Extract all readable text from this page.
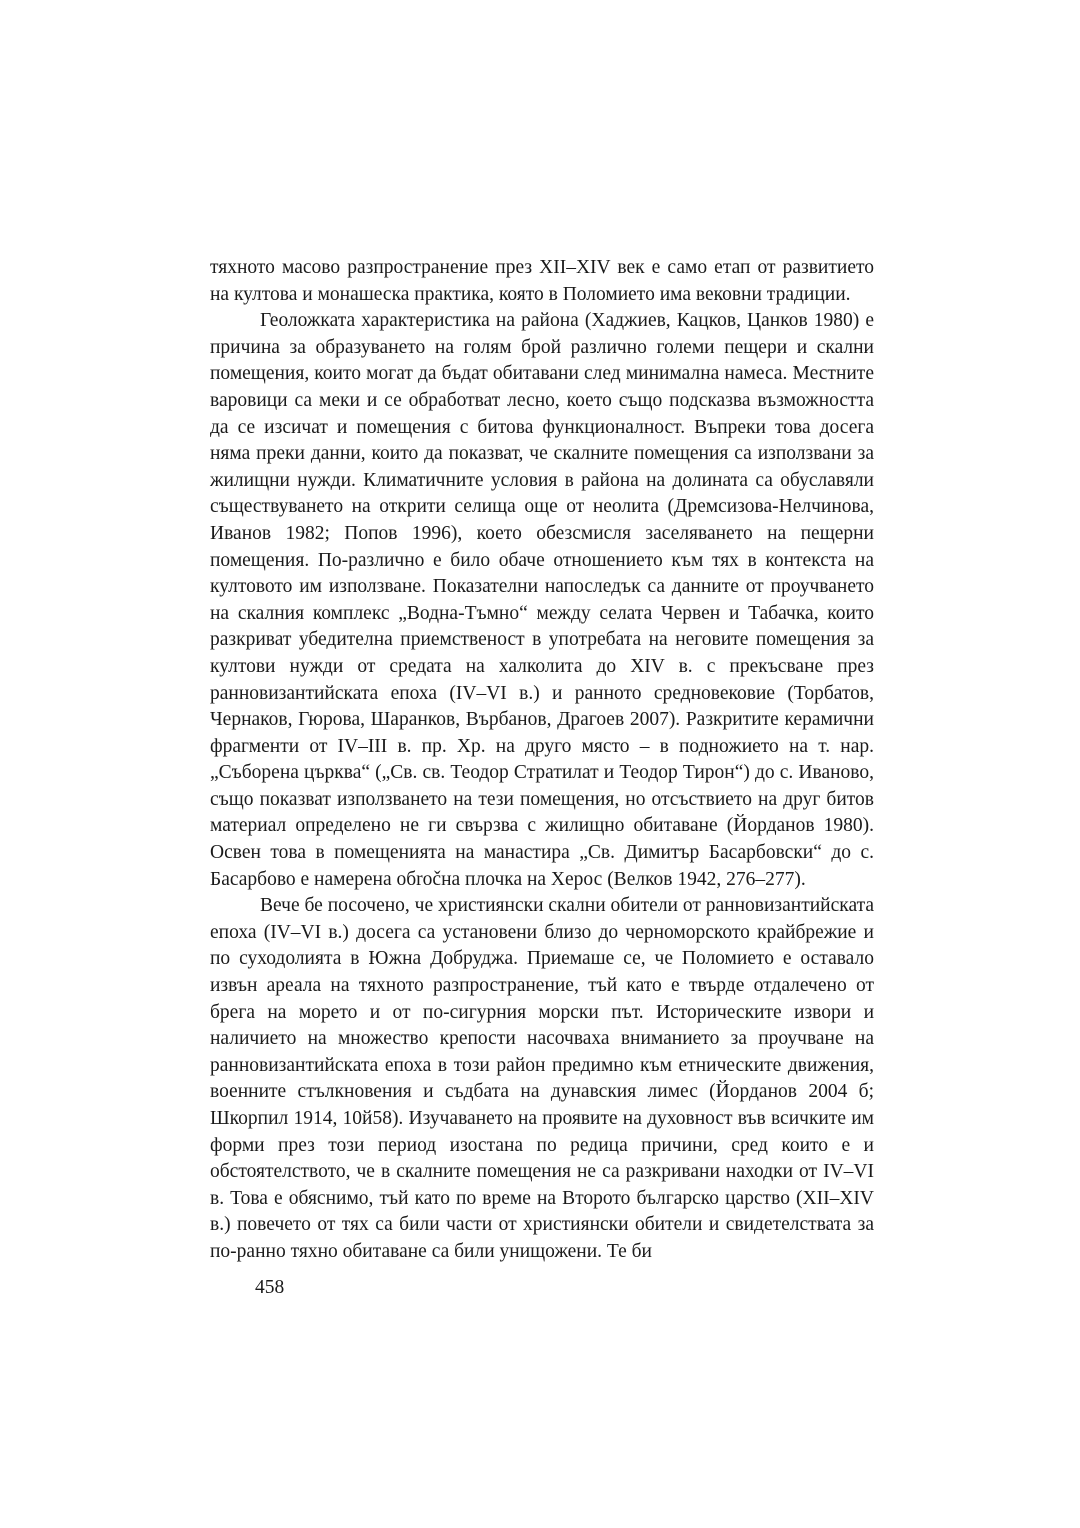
тяхното масово разпространение през XII–XIV век е само етап от развитието на култова и монашеска практика, която в Поломието има вековни традиции.

Геоложката характеристика на района (Хаджиев, Кацков, Цанков 1980) е причина за образуването на голям брой различно големи пещери и скални помещения, които могат да бъдат обитавани след минимална намеса. Местните варовици са меки и се обработват лесно, което също подсказва възможността да се изсичат и помещения с битова функционалност. Въпреки това досега няма преки данни, които да показват, че скалните помещения са използвани за жилищни нужди. Климатичните условия в района на долината са обуславяли съществуването на открити селища още от неолита (Дремсизова-Нелчинова, Иванов 1982; Попов 1996), което обезсмисля заселяването на пещерни помещения. По-различно е било обаче отношението към тях в контекста на култовото им използване. Показателни напоследък са данните от проучването на скалния комплекс „Водна-Тъмно“ между селата Червен и Табачка, които разкриват убедителна приемственост в употребата на неговите помещения за култови нужди от средата на халколита до XIV в. с прекъсване през ранновизантийската епоха (IV–VI в.) и ранното средновековие (Торбатов, Чернаков, Гюрова, Шаранков, Върбанов, Драгоев 2007). Разкритите керамични фрагменти от IV–III в. пр. Хр. на друго място – в подножието на т. нар. „Съборена църква“ („Св. св. Теодор Стратилат и Теодор Тирон“) до с. Иваново, също показват използването на тези помещения, но отсъствието на друг битов материал определено не ги свързва с жилищно обитаване (Йорданов 1980). Освен това в помещенията на манастира „Св. Димитър Басарбовски“ до с. Басарбово е намерена обročна плочка на Херос (Велков 1942, 276–277).

Вече бе посочено, че християнски скални обители от ранновизантийската епоха (IV–VI в.) досега са установени близо до черноморското крайбрежие и по суходолията в Южна Добруджа. Приемаше се, че Поломието е оставало извън ареала на тяхното разпространение, тъй като е твърде отдалечено от брега на морето и от по-сигурния морски път. Историческите извори и наличието на множество крепости насочваха вниманието за проучване на ранновизантийската епоха в този район предимно към етническите движения, военните стълкновения и съдбата на дунавския лимес (Йорданов 2004 б; Шкорпил 1914, 10й58). Изучаването на проявите на духовност във всичките им форми през този период изостана по редица причини, сред които е и обстоятелството, че в скалните помещения не са разкривани находки от IV–VI в. Това е обяснимо, тъй като по време на Второто българско царство (XII–XIV в.) повечето от тях са били части от християнски обители и свидетелствата за по-ранно тяхно обитаване са били унищожени. Те би

458
